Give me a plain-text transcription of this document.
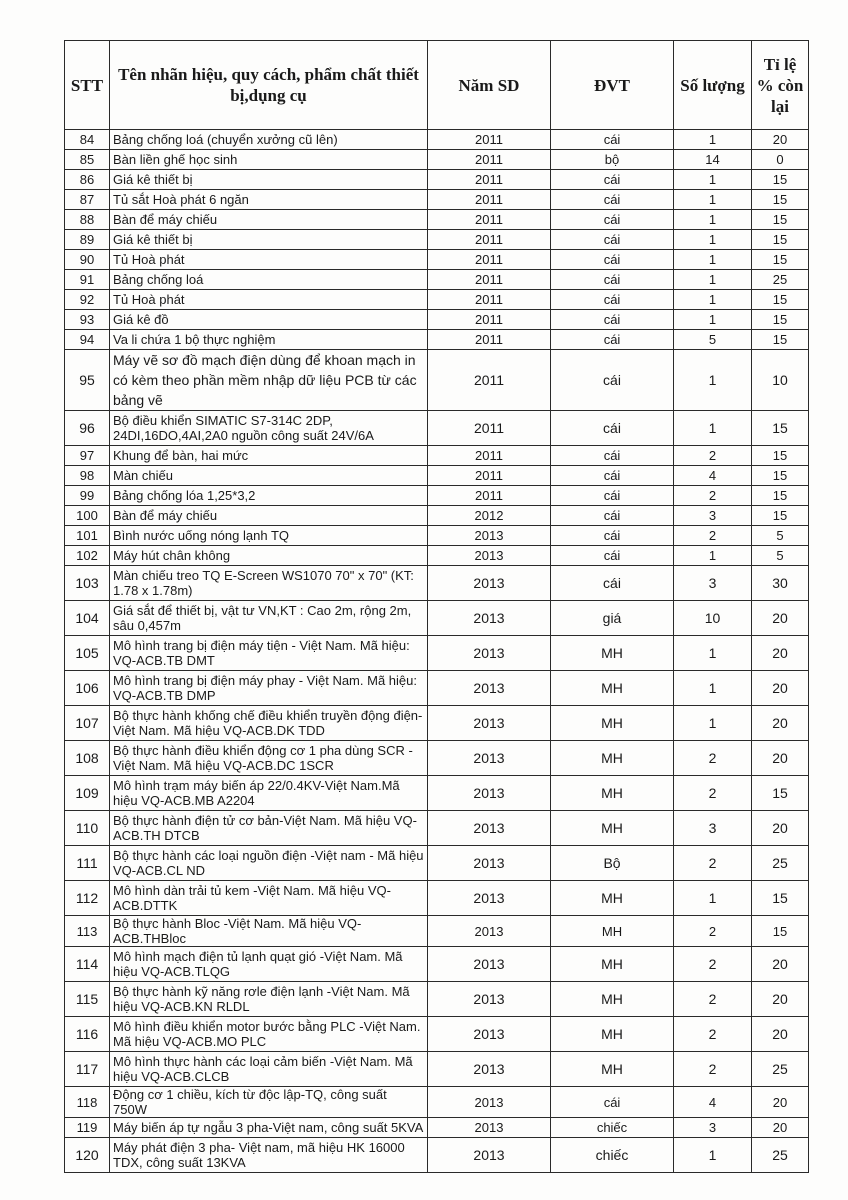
STT	Tên nhãn hiệu, quy cách, phẩm chất thiết bị,dụng cụ	Năm SD	ĐVT	Số lượng	Tỉ lệ % còn lại
84	Bảng chống loá (chuyển xưởng cũ lên)	2011	cái	1	20
85	Bàn liền ghế học sinh	2011	bộ	14	0
86	Giá kê thiết bị	2011	cái	1	15
87	Tủ sắt Hoà phát 6 ngăn	2011	cái	1	15
88	Bàn để máy chiếu	2011	cái	1	15
89	Giá kê thiết bị	2011	cái	1	15
90	Tủ Hoà phát	2011	cái	1	15
91	Bảng chống loá	2011	cái	1	25
92	Tủ Hoà phát	2011	cái	1	15
93	Giá kê đồ	2011	cái	1	15
94	Va li chứa 1 bộ thực nghiệm	2011	cái	5	15
95	Máy vẽ sơ đồ mạch điện dùng để khoan mạch in có kèm theo phần mềm nhập dữ liệu PCB từ các bảng vẽ	2011	cái	1	10
96	Bộ điều khiển SIMATIC S7-314C 2DP, 24DI,16DO,4AI,2A0 nguồn công suất 24V/6A	2011	cái	1	15
97	Khung để bàn, hai mức	2011	cái	2	15
98	Màn chiếu	2011	cái	4	15
99	Bảng chống lóa 1,25*3,2	2011	cái	2	15
100	Bàn để máy chiếu	2012	cái	3	15
101	Bình nước uống nóng lạnh TQ	2013	cái	2	5
102	Máy hút chân không	2013	cái	1	5
103	Màn chiếu treo TQ E-Screen WS1070 70" x 70" (KT: 1.78 x 1.78m)	2013	cái	3	30
104	Giá sắt để thiết bị, vật tư VN,KT : Cao 2m, rộng 2m, sâu 0,457m	2013	giá	10	20
105	Mô hình trang bị điện máy tiện - Việt Nam. Mã hiệu: VQ-ACB.TB DMT	2013	MH	1	20
106	Mô hình trang bị điện máy phay - Việt Nam. Mã hiệu: VQ-ACB.TB DMP	2013	MH	1	20
107	Bộ thực hành khống chế điều khiển truyền động điện- Việt Nam. Mã hiệu VQ-ACB.DK TDD	2013	MH	1	20
108	Bộ thực hành điều khiển động cơ 1 pha dùng SCR - Việt Nam. Mã hiệu VQ-ACB.DC 1SCR	2013	MH	2	20
109	Mô hình trạm máy biến áp 22/0.4KV-Việt Nam.Mã hiệu VQ-ACB.MB A2204	2013	MH	2	15
110	Bộ thực hành điện tử cơ bản-Việt Nam. Mã hiệu VQ-ACB.TH DTCB	2013	MH	3	20
111	Bộ thực hành các loại nguồn điện -Việt nam - Mã hiệu VQ-ACB.CL ND	2013	Bộ	2	25
112	Mô hình dàn trải tủ kem -Việt Nam. Mã hiệu VQ-ACB.DTTK	2013	MH	1	15
113	Bộ thực hành Bloc -Việt Nam. Mã hiệu VQ-ACB.THBloc	2013	MH	2	15
114	Mô hình mạch điện tủ lạnh quạt gió -Việt Nam. Mã hiệu VQ-ACB.TLQG	2013	MH	2	20
115	Bộ thực hành kỹ năng rơle điện lạnh -Việt Nam. Mã hiệu VQ-ACB.KN RLDL	2013	MH	2	20
116	Mô hình điều khiển motor bước bằng PLC -Việt Nam. Mã hiệu VQ-ACB.MO PLC	2013	MH	2	20
117	Mô hình thực hành các loại cảm biến -Việt Nam. Mã hiệu VQ-ACB.CLCB	2013	MH	2	25
118	Động cơ 1 chiều, kích từ độc lập-TQ, công suất 750W	2013	cái	4	20
119	Máy biến áp tự ngẫu 3 pha-Việt nam, công suất 5KVA	2013	chiếc	3	20
120	Máy phát điện 3 pha- Việt nam, mã hiệu HK 16000 TDX, công suất 13KVA	2013	chiếc	1	25
